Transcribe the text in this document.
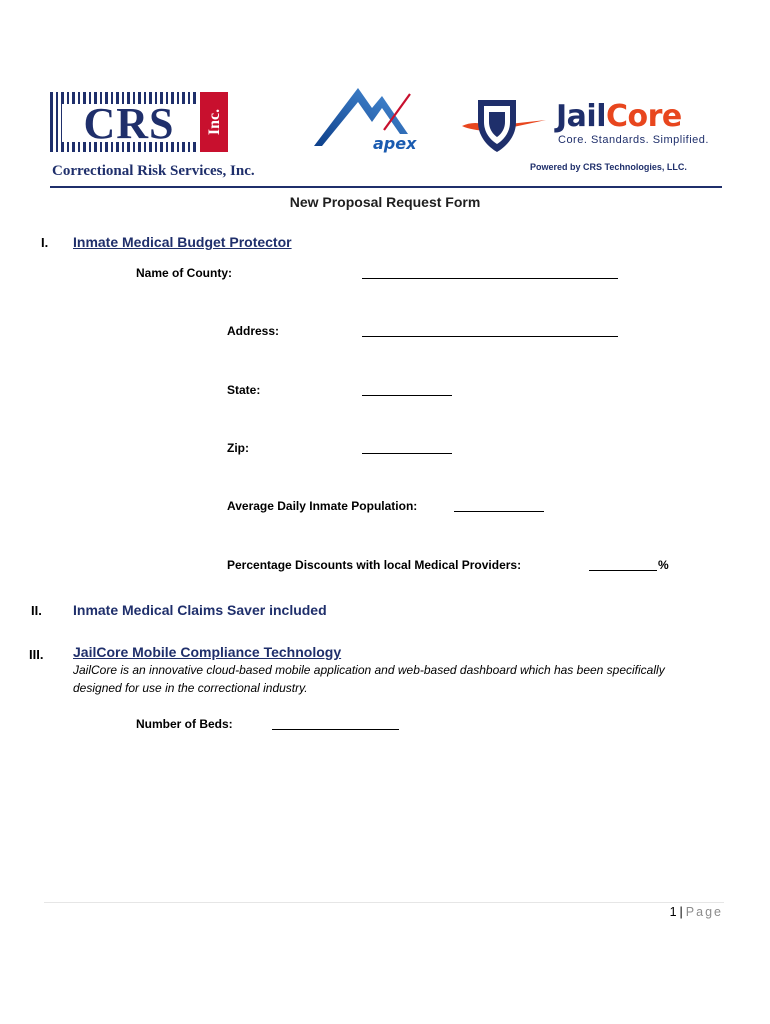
CRS Inc.
Correctional Risk Services, Inc.
apex
JailCore
Core. Standards. Simplified.
Powered by CRS Technologies, LLC.
New Proposal Request Form
I. Inmate Medical Budget Protector
Name of County:
Address:
State:
Zip:
Average Daily Inmate Population:
Percentage Discounts with local Medical Providers:	%
II. Inmate Medical Claims Saver included
III. JailCore Mobile Compliance Technology
JailCore is an innovative cloud-based mobile application and web-based dashboard which has been specifically designed for use in the correctional industry.
Number of Beds:
1 | Page
